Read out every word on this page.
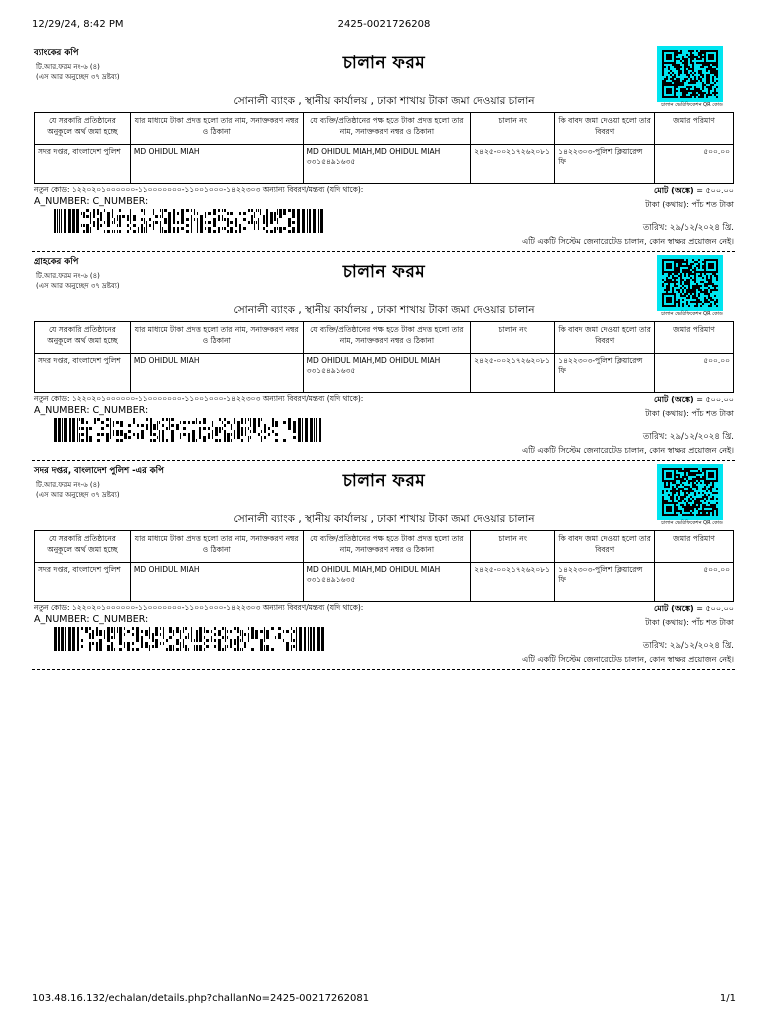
12/29/24, 8:42 PM	2425-0021726208
ব্যাংকের কপি
টি.আর.ফরম নং-৬ (৪)
(এস আর অনুচ্ছেদ ৩৭ দ্রষ্টব্য)
চালান ফরম
চালান ভেরিফিকেশন QR কোড
সোনালী ব্যাংক , স্থানীয় কার্যালয় , ঢাকা শাখায় টাকা জমা দেওয়ার চালান
যে সরকারি প্রতিষ্ঠানের অনুকূলে অর্থ জমা হচ্ছে	যার মাধ্যমে টাকা প্রদত্ত হলো তার নাম, সনাক্তকরণ নম্বর ও ঠিকানা	যে ব্যক্তি/প্রতিষ্ঠানের পক্ষ হতে টাকা প্রদত্ত হলো তার নাম, সনাক্তকরণ নম্বর ও ঠিকানা	চালান নং	কি বাবদ জমা দেওয়া হলো তার বিবরণ	জমার পরিমাণ
সদর দপ্তর, বাংলাদেশ পুলিশ	MD OHIDUL MIAH	MD OHIDUL MIAH,MD OHIDUL MIAH ৩৩১৫৪৯১৬৩৫	২৪২৫-০০২১৭২৬২০৮১	১৪২২৩০৩-পুলিশ ক্লিয়ারেন্স ফি	৫০০.০০
নতুন কোড: ১২২০২০১০০০০০০-১১০০০০০০০-১১০০১০০০-১৪২২৩০৩ অন্যান্য বিবরণ/মন্তব্য (যদি থাকে):	মোট (অঙ্কে) = ৫০০.০০
A_NUMBER: C_NUMBER:	টাকা (কথায়): পাঁচ শত টাকা
তারিখ: ২৯/১২/২০২৪ খ্রি.
এটি একটি সিস্টেম জেনারেটেড চালান, কোন স্বাক্ষর প্রয়োজন নেই।
গ্রাহকের কপি
টি.আর.ফরম নং-৬ (৪)
(এস আর অনুচ্ছেদ ৩৭ দ্রষ্টব্য)
চালান ফরম
চালান ভেরিফিকেশন QR কোড
সোনালী ব্যাংক , স্থানীয় কার্যালয় , ঢাকা শাখায় টাকা জমা দেওয়ার চালান
যে সরকারি প্রতিষ্ঠানের অনুকূলে অর্থ জমা হচ্ছে	যার মাধ্যমে টাকা প্রদত্ত হলো তার নাম, সনাক্তকরণ নম্বর ও ঠিকানা	যে ব্যক্তি/প্রতিষ্ঠানের পক্ষ হতে টাকা প্রদত্ত হলো তার নাম, সনাক্তকরণ নম্বর ও ঠিকানা	চালান নং	কি বাবদ জমা দেওয়া হলো তার বিবরণ	জমার পরিমাণ
সদর দপ্তর, বাংলাদেশ পুলিশ	MD OHIDUL MIAH	MD OHIDUL MIAH,MD OHIDUL MIAH ৩৩১৫৪৯১৬৩৫	২৪২৫-০০২১৭২৬২০৮১	১৪২২৩০৩-পুলিশ ক্লিয়ারেন্স ফি	৫০০.০০
নতুন কোড: ১২২০২০১০০০০০০-১১০০০০০০০-১১০০১০০০-১৪২২৩০৩ অন্যান্য বিবরণ/মন্তব্য (যদি থাকে):	মোট (অঙ্কে) = ৫০০.০০
A_NUMBER: C_NUMBER:	টাকা (কথায়): পাঁচ শত টাকা
তারিখ: ২৯/১২/২০২৪ খ্রি.
এটি একটি সিস্টেম জেনারেটেড চালান, কোন স্বাক্ষর প্রয়োজন নেই।
সদর দপ্তর, বাংলাদেশ পুলিশ -এর কপি
টি.আর.ফরম নং-৬ (৪)
(এস আর অনুচ্ছেদ ৩৭ দ্রষ্টব্য)
চালান ফরম
চালান ভেরিফিকেশন QR কোড
সোনালী ব্যাংক , স্থানীয় কার্যালয় , ঢাকা শাখায় টাকা জমা দেওয়ার চালান
যে সরকারি প্রতিষ্ঠানের অনুকূলে অর্থ জমা হচ্ছে	যার মাধ্যমে টাকা প্রদত্ত হলো তার নাম, সনাক্তকরণ নম্বর ও ঠিকানা	যে ব্যক্তি/প্রতিষ্ঠানের পক্ষ হতে টাকা প্রদত্ত হলো তার নাম, সনাক্তকরণ নম্বর ও ঠিকানা	চালান নং	কি বাবদ জমা দেওয়া হলো তার বিবরণ	জমার পরিমাণ
সদর দপ্তর, বাংলাদেশ পুলিশ	MD OHIDUL MIAH	MD OHIDUL MIAH,MD OHIDUL MIAH ৩৩১৫৪৯১৬৩৫	২৪২৫-০০২১৭২৬২০৮১	১৪২২৩০৩-পুলিশ ক্লিয়ারেন্স ফি	৫০০.০০
নতুন কোড: ১২২০২০১০০০০০০-১১০০০০০০০-১১০০১০০০-১৪২২৩০৩ অন্যান্য বিবরণ/মন্তব্য (যদি থাকে):	মোট (অঙ্কে) = ৫০০.০০
A_NUMBER: C_NUMBER:	টাকা (কথায়): পাঁচ শত টাকা
তারিখ: ২৯/১২/২০২৪ খ্রি.
এটি একটি সিস্টেম জেনারেটেড চালান, কোন স্বাক্ষর প্রয়োজন নেই।
103.48.16.132/echalan/details.php?challanNo=2425-00217262081	1/1
